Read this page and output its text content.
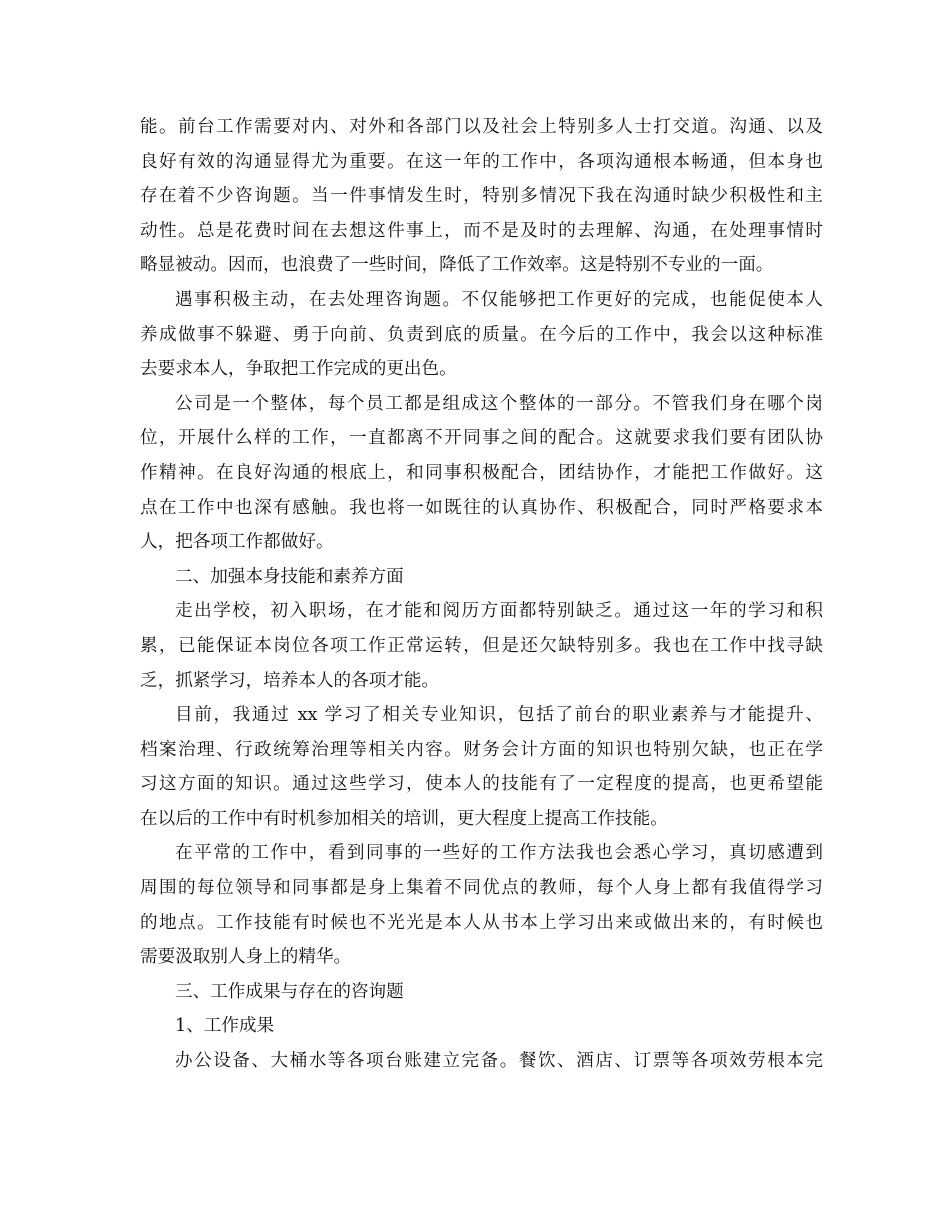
能。前台工作需要对内、对外和各部门以及社会上特别多人士打交道。沟通、以及
良好有效的沟通显得尤为重要。在这一年的工作中，各项沟通根本畅通，但本身也
存在着不少咨询题。当一件事情发生时，特别多情况下我在沟通时缺少积极性和主
动性。总是花费时间在去想这件事上，而不是及时的去理解、沟通，在处理事情时
略显被动。因而，也浪费了一些时间，降低了工作效率。这是特别不专业的一面。
遇事积极主动，在去处理咨询题。不仅能够把工作更好的完成，也能促使本人
养成做事不躲避、勇于向前、负责到底的质量。在今后的工作中，我会以这种标准
去要求本人，争取把工作完成的更出色。
公司是一个整体，每个员工都是组成这个整体的一部分。不管我们身在哪个岗
位，开展什么样的工作，一直都离不开同事之间的配合。这就要求我们要有团队协
作精神。在良好沟通的根底上，和同事积极配合，团结协作，才能把工作做好。这
点在工作中也深有感触。我也将一如既往的认真协作、积极配合，同时严格要求本
人，把各项工作都做好。
二、加强本身技能和素养方面
走出学校，初入职场，在才能和阅历方面都特别缺乏。通过这一年的学习和积
累，已能保证本岗位各项工作正常运转，但是还欠缺特别多。我也在工作中找寻缺
乏，抓紧学习，培养本人的各项才能。
目前，我通过 xx 学习了相关专业知识，包括了前台的职业素养与才能提升、
档案治理、行政统筹治理等相关内容。财务会计方面的知识也特别欠缺，也正在学
习这方面的知识。通过这些学习，使本人的技能有了一定程度的提高，也更希望能
在以后的工作中有时机参加相关的培训，更大程度上提高工作技能。
在平常的工作中，看到同事的一些好的工作方法我也会悉心学习，真切感遭到
周围的每位领导和同事都是身上集着不同优点的教师，每个人身上都有我值得学习
的地点。工作技能有时候也不光光是本人从书本上学习出来或做出来的，有时候也
需要汲取别人身上的精华。
三、工作成果与存在的咨询题
1、工作成果
办公设备、大桶水等各项台账建立完备。餐饮、酒店、订票等各项效劳根本完
